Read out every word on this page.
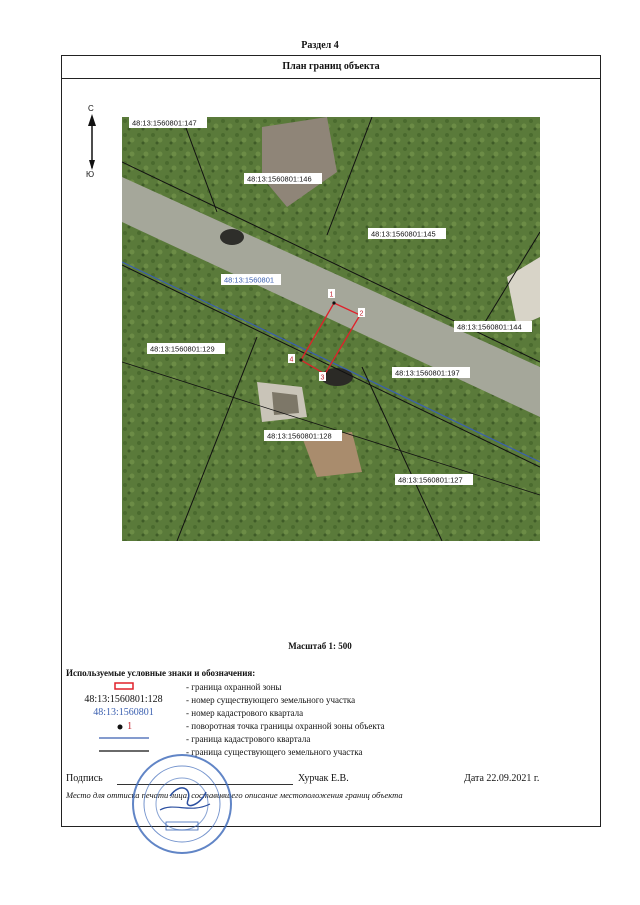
Раздел 4
План границ объекта
С
Ю
1
2
3
4
48:13:1560801:147
48:13:1560801:146
48:13:1560801:145
48:13:1560801:144
48:13:1560801:129
48:13:1560801:197
48:13:1560801:128
48:13:1560801:127
48:13:1560801
Масштаб 1: 500
Используемые условные знаки и обозначения:
- граница охранной зоны
48:13:1560801:128	- номер существующего земельного участка
48:13:1560801	- номер кадастрового квартала
1	- поворотная точка границы охранной зоны объекта
- граница кадастрового квартала
- граница существующего земельного участка
Подпись	Хурчак Е.В.	Дата 22.09.2021 г.
Место для оттиска печати лица, составившего описание местоположения границ объекта
